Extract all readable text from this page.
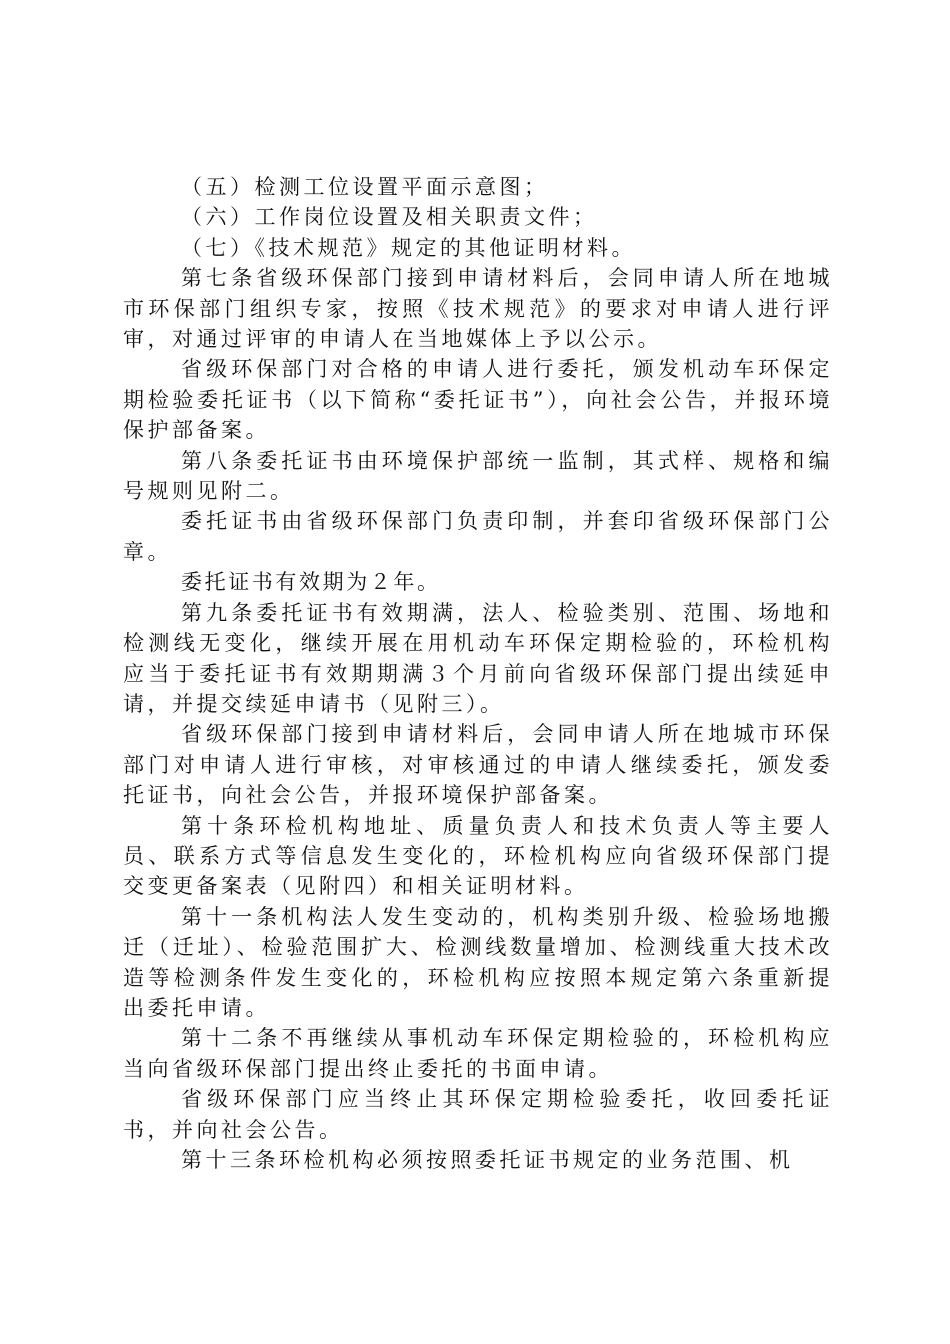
（五）检测工位设置平面示意图；

（六）工作岗位设置及相关职责文件；

（七）《技术规范》规定的其他证明材料。

第七条省级环保部门接到申请材料后，会同申请人所在地城市环保部门组织专家，按照《技术规范》的要求对申请人进行评审，对通过评审的申请人在当地媒体上予以公示。

省级环保部门对合格的申请人进行委托，颁发机动车环保定期检验委托证书（以下简称“委托证书”），向社会公告，并报环境保护部备案。

第八条委托证书由环境保护部统一监制，其式样、规格和编号规则见附二。

委托证书由省级环保部门负责印制，并套印省级环保部门公章。

委托证书有效期为２年。

第九条委托证书有效期满，法人、检验类别、范围、场地和检测线无变化，继续开展在用机动车环保定期检验的，环检机构应当于委托证书有效期期满３个月前向省级环保部门提出续延申请，并提交续延申请书（见附三）。

省级环保部门接到申请材料后，会同申请人所在地城市环保部门对申请人进行审核，对审核通过的申请人继续委托，颁发委托证书，向社会公告，并报环境保护部备案。

第十条环检机构地址、质量负责人和技术负责人等主要人员、联系方式等信息发生变化的，环检机构应向省级环保部门提交变更备案表（见附四）和相关证明材料。

第十一条机构法人发生变动的，机构类别升级、检验场地搬迁（迁址）、检验范围扩大、检测线数量增加、检测线重大技术改造等检测条件发生变化的，环检机构应按照本规定第六条重新提出委托申请。

第十二条不再继续从事机动车环保定期检验的，环检机构应当向省级环保部门提出终止委托的书面申请。

省级环保部门应当终止其环保定期检验委托，收回委托证书，并向社会公告。

第十三条环检机构必须按照委托证书规定的业务范围、机
